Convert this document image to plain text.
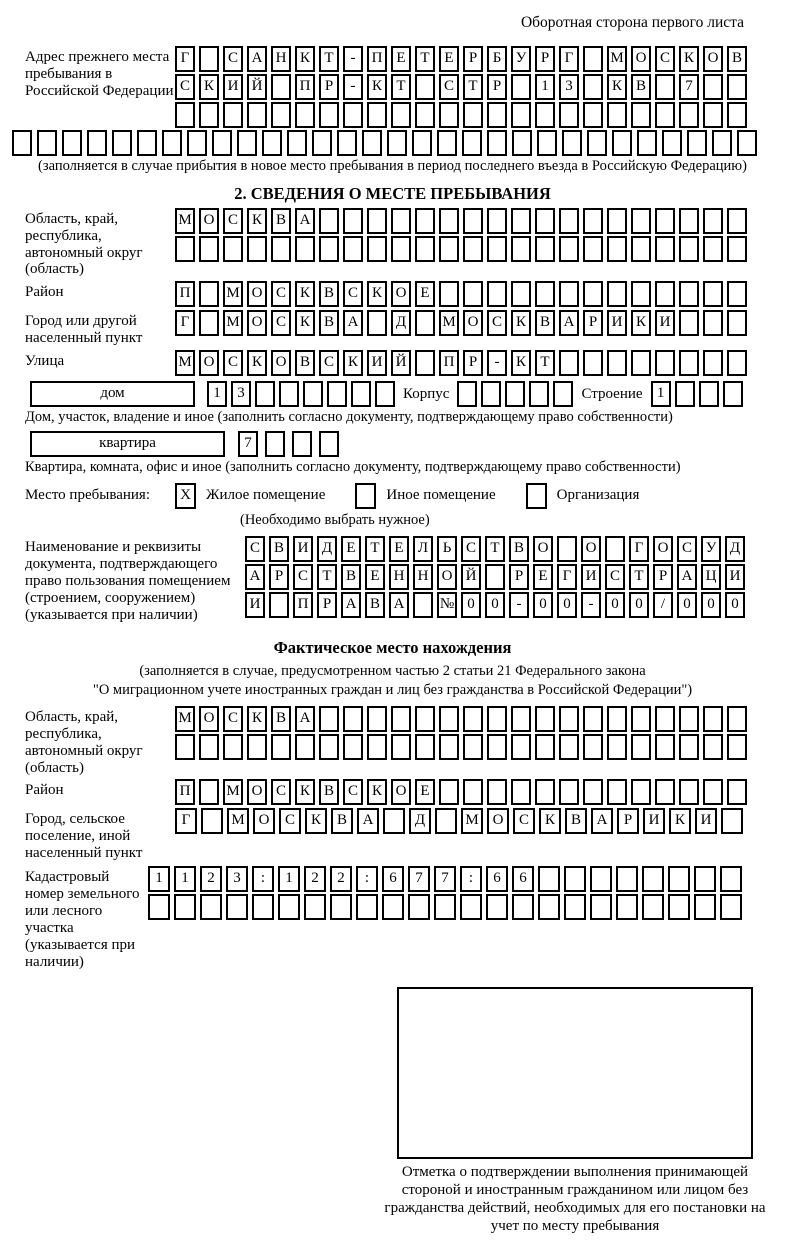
Оборотная сторона первого листа
Адрес прежнего места пребывания в Российской Федерации
Г	С А Н К Т	-	П Е Т Е	Р	Б У Р	Г	М О С К О В
С К И Й	П Р	-	К Т	С Т	Р	1	3	К В	7
(заполняется в случае прибытия в новое место пребывания в период последнего въезда в Российскую Федерацию)
2. СВЕДЕНИЯ О МЕСТЕ ПРЕБЫВАНИЯ
Область, край, республика, автономный округ (область)
М О С К В А
Район	П	М О С К В С К О Е
Город или другой населенный пункт
Г	М О С К В А	Д	М О С К В А Р И К И
Улица	М О С К О В С К И Й	П Р	-	К Т
дом	1	3	Корпус	Строение 1
Дом, участок, владение и иное (заполнить согласно документу, подтверждающему право собственности)
квартира	7
Квартира, комната, офис и иное (заполнить согласно документу, подтверждающему право собственности)
Место пребывания:	X	Жилое помещение	Иное помещение	Организация
(Необходимо выбрать нужное)
Наименование и реквизиты документа, подтверждающего право пользования помещением (строением, сооружением) (указывается при наличии)
С В И Д Е Т Е Л Ь С Т В О	О	Г О С У Д
А Р С Т В Е Н Н О Й	Р	Е	Г И С Т	Р А Ц И
И	П Р А В А	№ 0	0	-	0	0	-	0	0	/	0	0	0
Фактическое место нахождения
(заполняется в случае, предусмотренном частью 2 статьи 21 Федерального закона
"О миграционном учете иностранных граждан и лиц без гражданства в Российской Федерации")
Область, край, республика, автономный округ (область)
М О С К В А
Район	П	М О С К В С К О Е
Город, сельское поселение, иной населенный пункт
Г	М О	С	К	В	А	Д	М О	С	К	В	А	Р	И	К	И
Кадастровый номер земельного или лесного участка (указывается при наличии)
1	1	2	3	:	1	2	2	:	6	7	7	:	6	6
Отметка о подтверждении выполнения принимающей стороной и иностранным гражданином или лицом без гражданства действий, необходимых для его постановки на учет по месту пребывания
